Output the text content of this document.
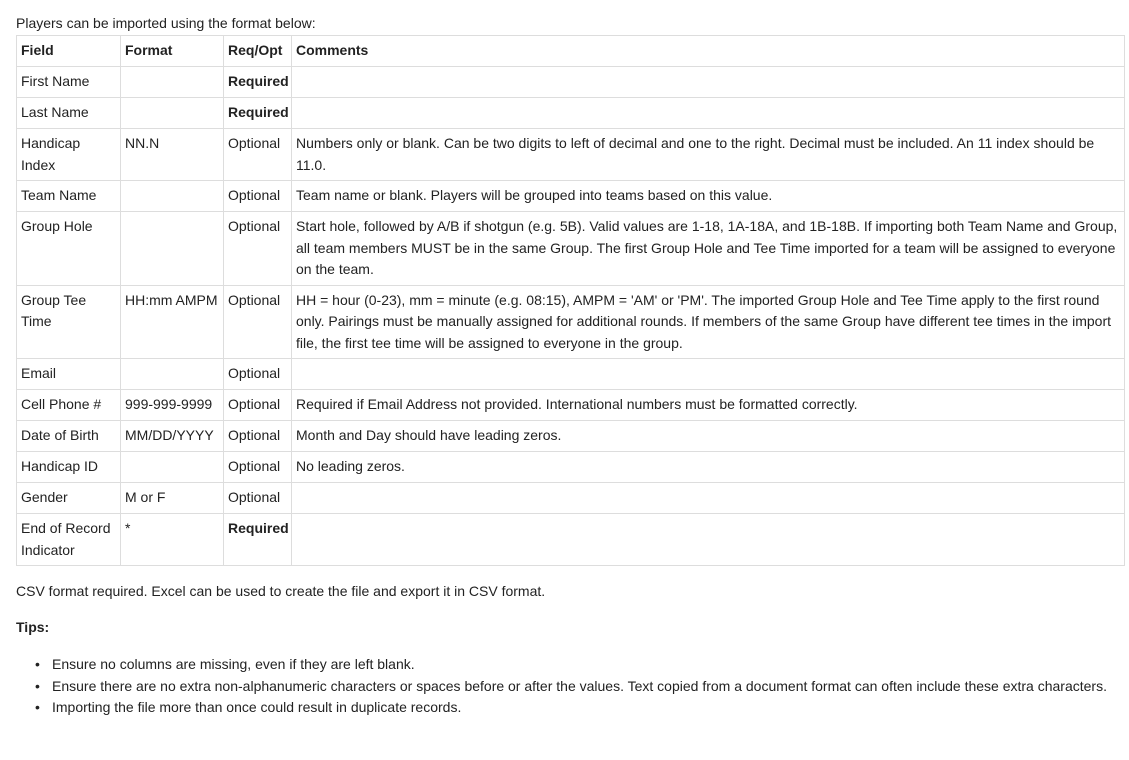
Players can be imported using the format below:

Field	Format	Req/Opt	Comments
First Name		Required	
Last Name		Required	
Handicap Index	NN.N	Optional	Numbers only or blank. Can be two digits to left of decimal and one to the right. Decimal must be included. An 11 index should be 11.0.
Team Name		Optional	Team name or blank. Players will be grouped into teams based on this value.
Group Hole		Optional	Start hole, followed by A/B if shotgun (e.g. 5B). Valid values are 1-18, 1A-18A, and 1B-18B. If importing both Team Name and Group, all team members MUST be in the same Group. The first Group Hole and Tee Time imported for a team will be assigned to everyone on the team.
Group Tee Time	HH:mm AMPM	Optional	HH = hour (0-23), mm = minute (e.g. 08:15), AMPM = 'AM' or 'PM'. The imported Group Hole and Tee Time apply to the first round only. Pairings must be manually assigned for additional rounds. If members of the same Group have different tee times in the import file, the first tee time will be assigned to everyone in the group.
Email		Optional	
Cell Phone #	999-999-9999	Optional	Required if Email Address not provided. International numbers must be formatted correctly.
Date of Birth	MM/DD/YYYY	Optional	Month and Day should have leading zeros.
Handicap ID		Optional	No leading zeros.
Gender	M or F	Optional	
End of Record Indicator	*	Required	

CSV format required. Excel can be used to create the file and export it in CSV format.

Tips:

• Ensure no columns are missing, even if they are left blank.
• Ensure there are no extra non-alphanumeric characters or spaces before or after the values. Text copied from a document format can often include these extra characters.
• Importing the file more than once could result in duplicate records.
